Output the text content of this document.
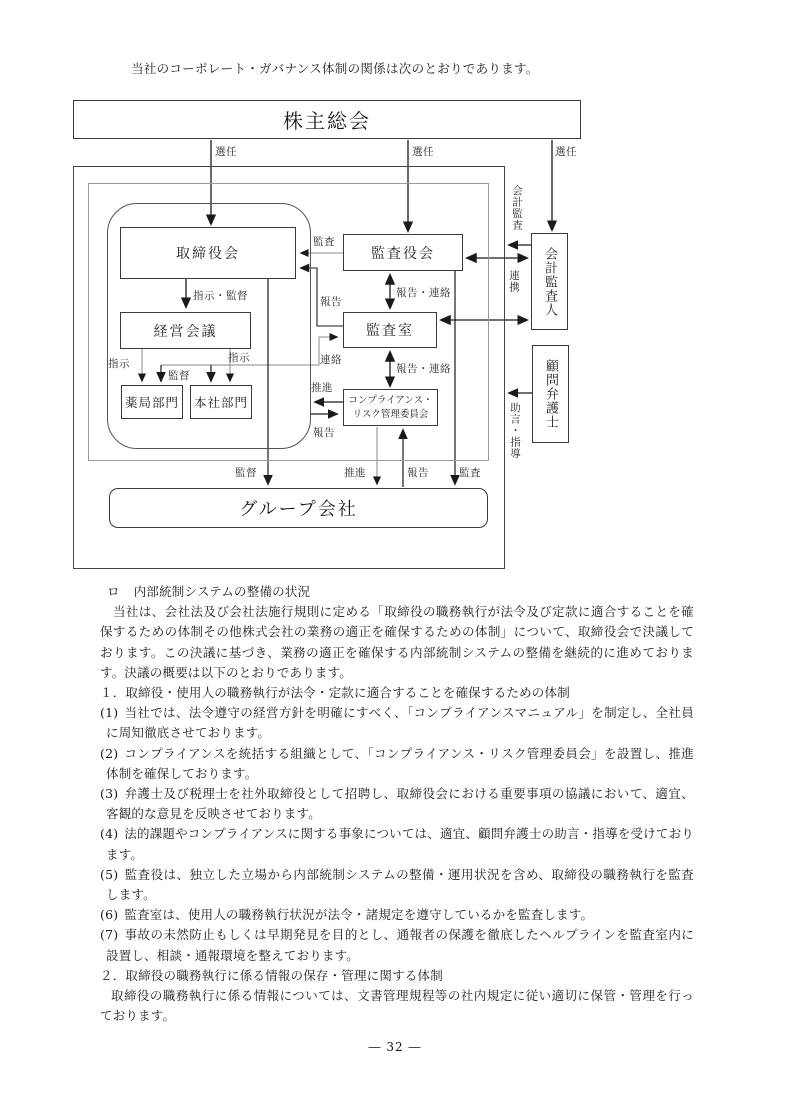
当社のコーポレート・ガバナンス体制の関係は次のとおりであります。
株主総会
取締役会	監査役会	会計監査人
経営会議	監査室
薬局部門	本社部門	コンプライアンス・
リスク管理委員会	顧問弁護士
グループ会社
選任	選任	選任
会計監査
監査
指示・監督	報告
報告・連絡	連携
指示
監督
指示	連絡
報告・連絡
推進
報告	助言・指導
監督	推進	報告	監査

ロ 内部統制システムの整備の状況

当社は、会社法及び会社法施行規則に定める「取締役の職務執行が法令及び定款に適合することを確保するための体制その他株式会社の業務の適正を確保するための体制」について、取締役会で決議しております。この決議に基づき、業務の適正を確保する内部統制システムの整備を継続的に進めております。決議の概要は以下のとおりであります。

１．取締役・使用人の職務執行が法令・定款に適合することを確保するための体制

(1) 当社では、法令遵守の経営方針を明確にすべく、「コンプライアンスマニュアル」を制定し、全社員に周知徹底させております。

(2) コンプライアンスを統括する組織として、「コンプライアンス・リスク管理委員会」を設置し、推進体制を確保しております。

(3) 弁護士及び税理士を社外取締役として招聘し、取締役会における重要事項の協議において、適宜、客観的な意見を反映させております。

(4) 法的課題やコンプライアンスに関する事象については、適宜、顧問弁護士の助言・指導を受けております。

(5) 監査役は、独立した立場から内部統制システムの整備・運用状況を含め、取締役の職務執行を監査します。

(6) 監査室は、使用人の職務執行状況が法令・諸規定を遵守しているかを監査します。

(7) 事故の未然防止もしくは早期発見を目的とし、通報者の保護を徹底したヘルプラインを監査室内に設置し、相談・通報環境を整えております。

２．取締役の職務執行に係る情報の保存・管理に関する体制

取締役の職務執行に係る情報については、文書管理規程等の社内規定に従い適切に保管・管理を行っております。

― 32 ―
